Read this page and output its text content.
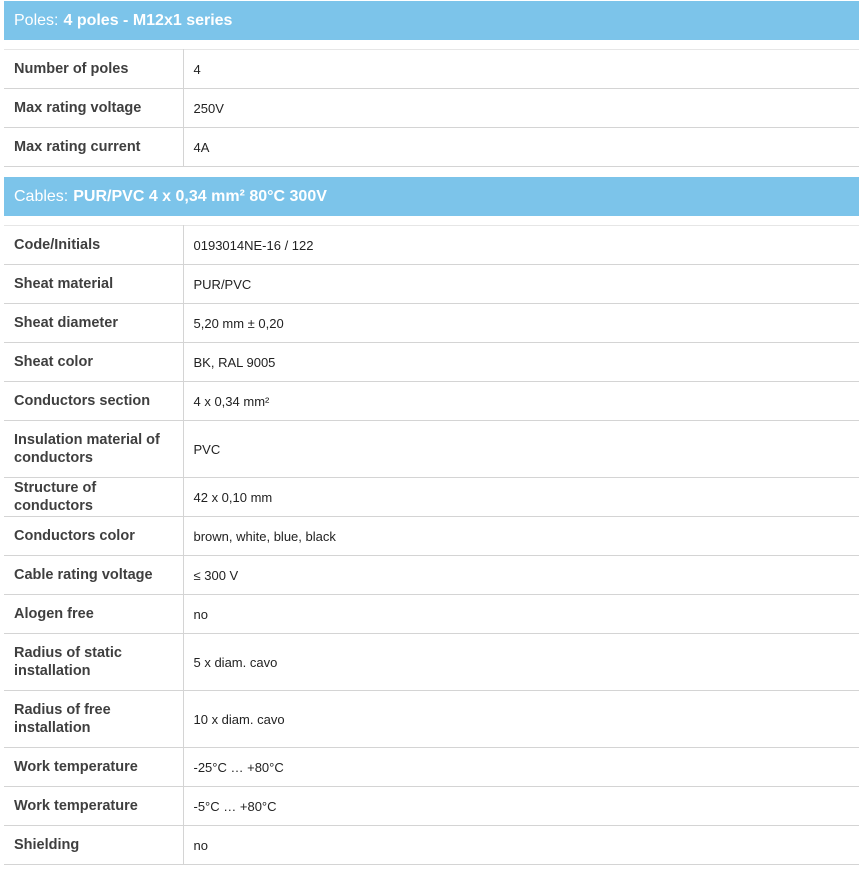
Poles: 4 poles - M12x1 series
Number of poles	4
Max rating voltage	250V
Max rating current	4A
Cables: PUR/PVC 4 x 0,34 mm² 80°C 300V
Code/Initials	0193014NE-16 / 122
Sheat material	PUR/PVC
Sheat diameter	5,20 mm ± 0,20
Sheat color	BK, RAL 9005
Conductors section	4 x 0,34 mm²
Insulation material of conductors	PVC
Structure of conductors	42 x 0,10 mm
Conductors color	brown, white, blue, black
Cable rating voltage	≤ 300 V
Alogen free	no
Radius of static installation	5 x diam. cavo
Radius of free installation	10 x diam. cavo
Work temperature	-25°C … +80°C
Work temperature	-5°C … +80°C
Shielding	no
